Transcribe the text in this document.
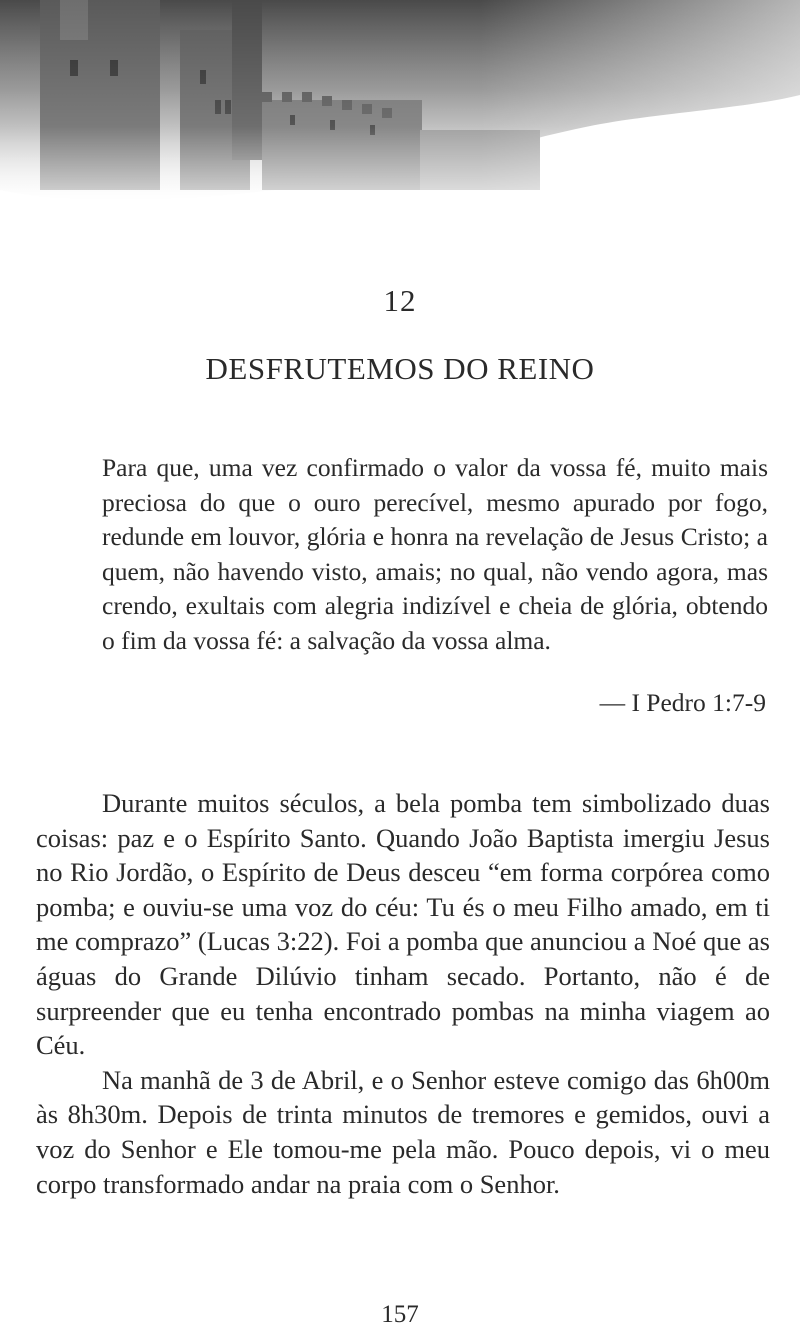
12
DESFRUTEMOS DO REINO

Para que, uma vez confirmado o valor da vossa fé, muito mais preciosa do que o ouro perecível, mesmo apurado por fogo, redunde em louvor, glória e honra na revelação de Jesus Cristo; a quem, não havendo visto, amais; no qual, não vendo agora, mas crendo, exultais com alegria indizível e cheia de glória, obtendo o fim da vossa fé: a salvação da vossa alma.

— I Pedro 1:7-9

Durante muitos séculos, a bela pomba tem simbolizado duas coisas: paz e o Espírito Santo. Quando João Baptista imergiu Jesus no Rio Jordão, o Espírito de Deus desceu “em forma corpórea como pomba; e ouviu-se uma voz do céu: Tu és o meu Filho amado, em ti me comprazo” (Lucas 3:22). Foi a pomba que anunciou a Noé que as águas do Grande Dilúvio tinham secado. Portanto, não é de surpreender que eu tenha encontrado pombas na minha viagem ao Céu.

Na manhã de 3 de Abril, e o Senhor esteve comigo das 6h00m às 8h30m. Depois de trinta minutos de tremores e gemidos, ouvi a voz do Senhor e Ele tomou-me pela mão. Pouco depois, vi o meu corpo transformado andar na praia com o Senhor.

157
